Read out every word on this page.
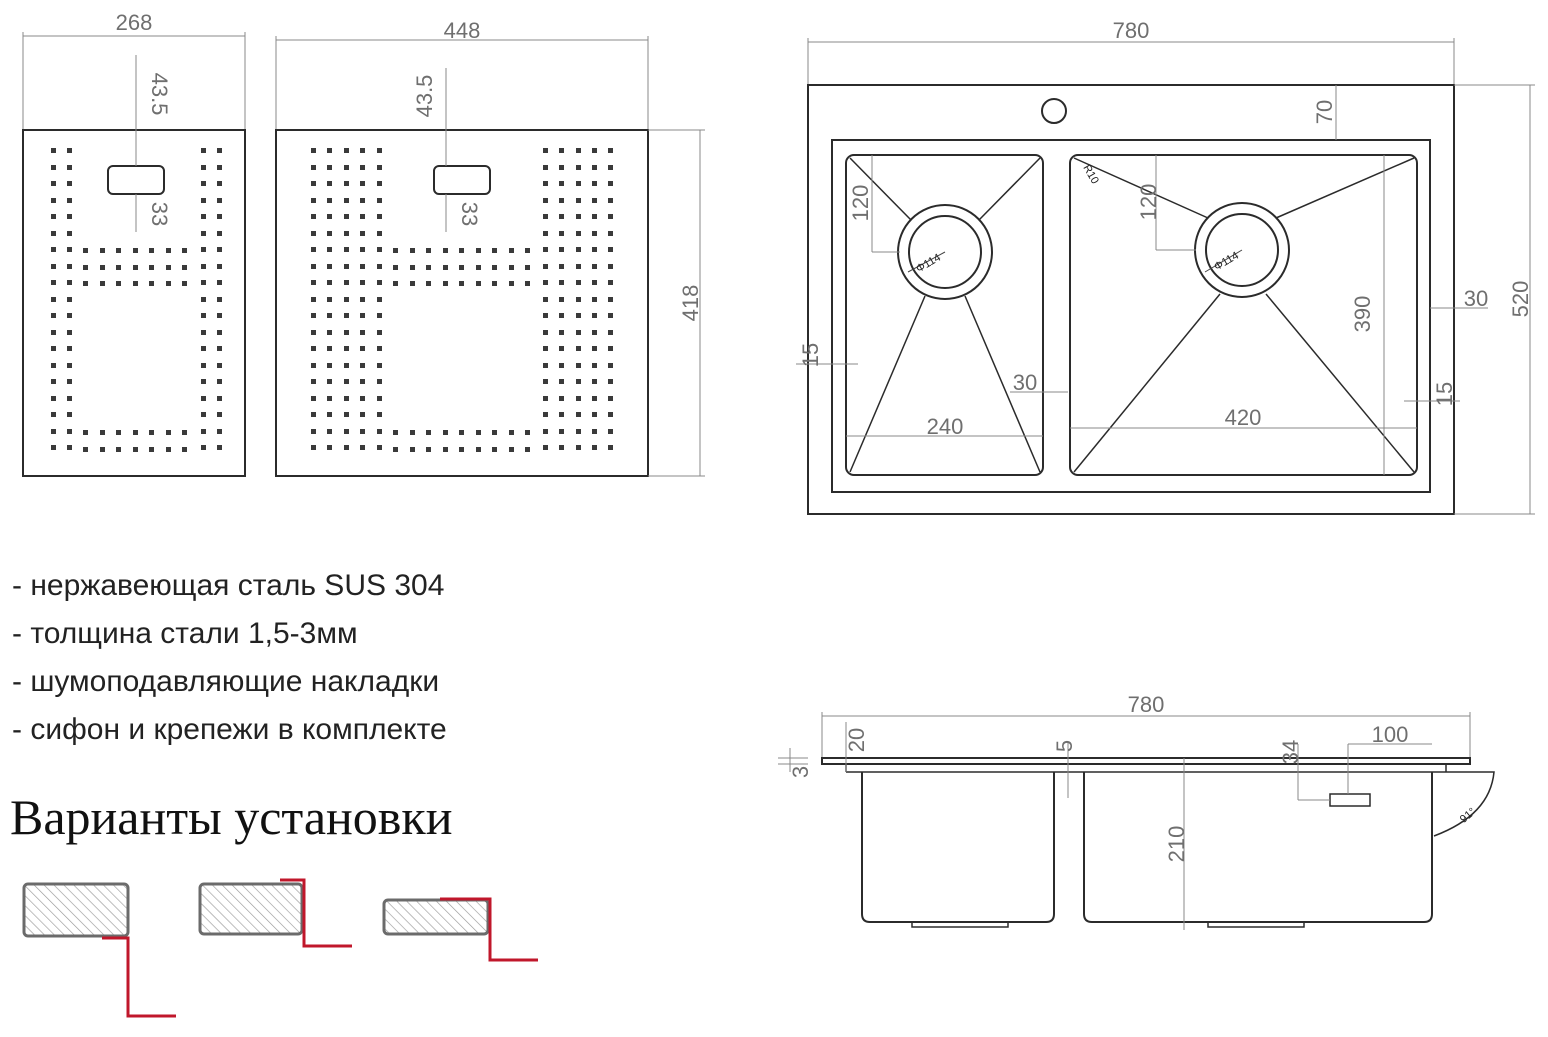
268
43.5
33
448
43.5
33
418
780
Φ114	Φ114
R10
120	120
70
520
30
390
15
15
30
240	420
780
100
34
91°
20
3
5
210
- нержавеющая сталь SUS 304
- толщина стали 1,5-3мм
- шумоподавляющие накладки
- сифон и крепежи в комплекте
Варианты установки
